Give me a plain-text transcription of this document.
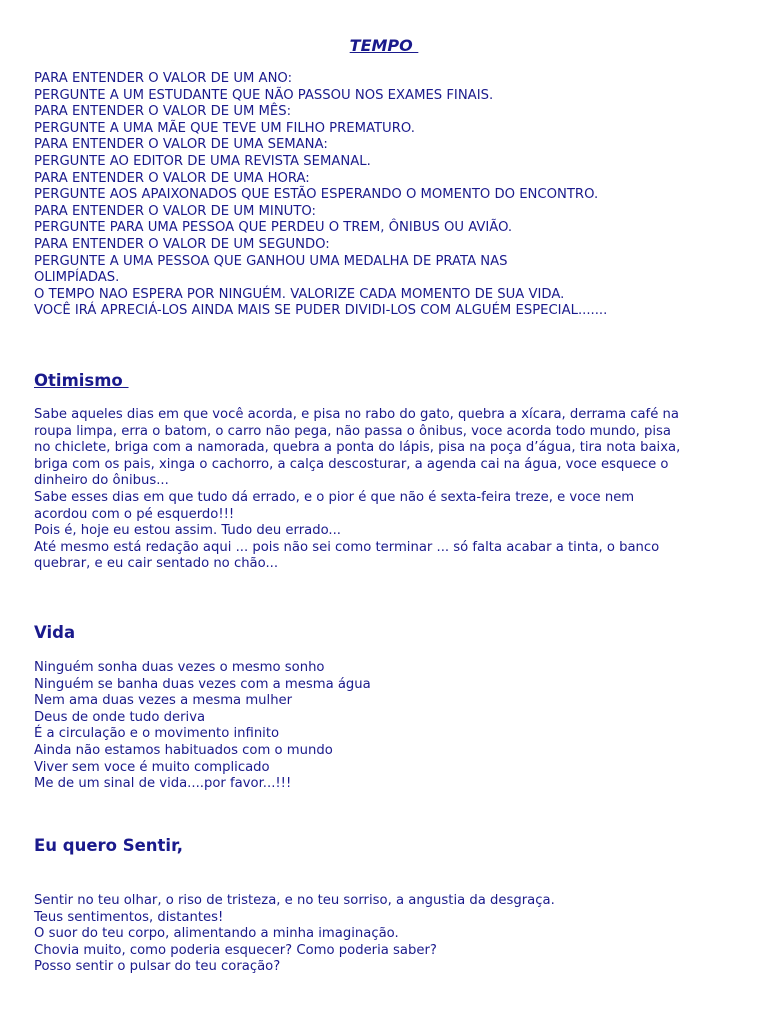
TEMPO

PARA ENTENDER O VALOR DE UM ANO:

PERGUNTE A UM ESTUDANTE QUE NÃO PASSOU NOS EXAMES FINAIS.

PARA ENTENDER O VALOR DE UM MÊS:

PERGUNTE A UMA MÃE QUE TEVE UM FILHO PREMATURO.

PARA ENTENDER O VALOR DE UMA SEMANA:

PERGUNTE AO EDITOR DE UMA REVISTA SEMANAL.

PARA ENTENDER O VALOR DE UMA HORA:

PERGUNTE AOS APAIXONADOS QUE ESTÃO ESPERANDO O MOMENTO DO ENCONTRO.

PARA ENTENDER O VALOR DE UM MINUTO:

PERGUNTE PARA UMA PESSOA QUE PERDEU O TREM, ÔNIBUS OU AVIÃO.

PARA ENTENDER O VALOR DE UM SEGUNDO:

PERGUNTE A UMA PESSOA QUE GANHOU UMA MEDALHA DE PRATA NAS

OLIMPÍADAS.

O TEMPO NAO ESPERA POR NINGUÉM. VALORIZE CADA MOMENTO DE SUA VIDA.

VOCÊ IRÁ APRECIÁ-LOS AINDA MAIS SE PUDER DIVIDI-LOS COM ALGUÉM ESPECIAL.......

Otimismo

Sabe aqueles dias em que você acorda, e pisa no rabo do gato, quebra a xícara, derrama café na

roupa limpa, erra o batom, o carro não pega, não passa o ônibus, voce acorda todo mundo, pisa

no chiclete, briga com a namorada, quebra a ponta do lápis, pisa na poça d’água, tira nota baixa,

briga com os pais, xinga o cachorro, a calça descosturar, a agenda cai na água, voce esquece o

dinheiro do ônibus...

Sabe esses dias em que tudo dá errado, e o pior é que não é sexta-feira treze, e voce nem

acordou com o pé esquerdo!!!

Pois é, hoje eu estou assim. Tudo deu errado...

Até mesmo está redação aqui ... pois não sei como terminar ... só falta acabar a tinta, o banco

quebrar, e eu cair sentado no chão...

Vida

Ninguém sonha duas vezes o mesmo sonho

Ninguém se banha duas vezes com a mesma água

Nem ama duas vezes a mesma mulher

Deus de onde tudo deriva

É a circulação e o movimento infinito

Ainda não estamos habituados com o mundo

Viver sem voce é muito complicado

Me de um sinal de vida....por favor...!!!

Eu quero Sentir,

Sentir no teu olhar, o riso de tristeza, e no teu sorriso, a angustia da desgraça.

Teus sentimentos, distantes!

O suor do teu corpo, alimentando a minha imaginação.

Chovia muito, como poderia esquecer? Como poderia saber?

Posso sentir o pulsar do teu coração?
